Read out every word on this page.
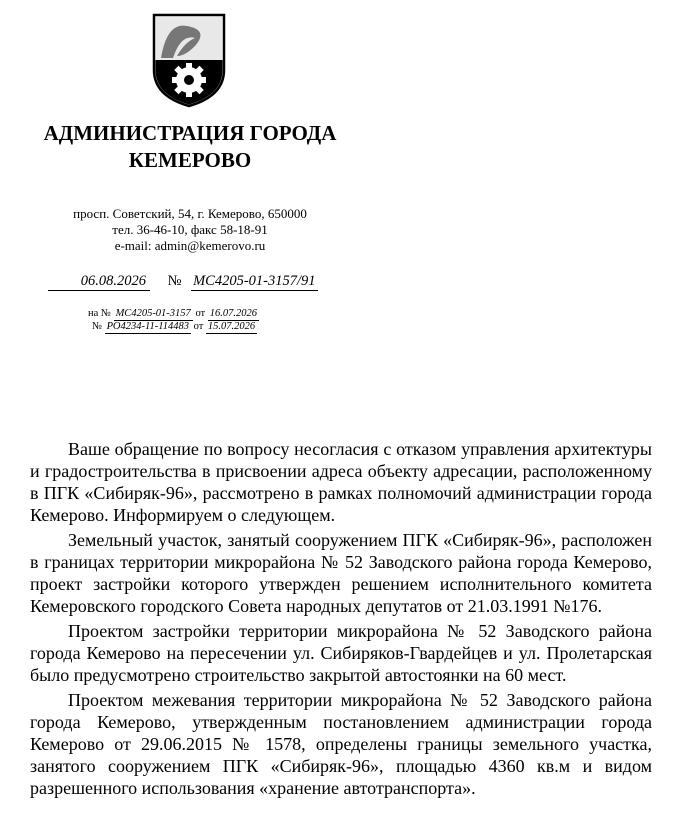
АДМИНИСТРАЦИЯ ГОРОДА
КЕМЕРОВО
просп. Советский, 54, г. Кемерово, 650000
тел. 36-46-10, факс 58-18-91
e-mail: admin@kemerovo.ru
06.08.2026 № МС4205-01-3157/91
на № МС4205-01-3157 от 16.07.2026
№ РО4234-11-114483 от 15.07.2026

Ваше обращение по вопросу несогласия с отказом управления архитектуры и градостроительства в присвоении адреса объекту адресации, расположенному в ПГК «Сибиряк-96», рассмотрено в рамках полномочий администрации города Кемерово. Информируем о следующем.

Земельный участок, занятый сооружением ПГК «Сибиряк-96», расположен в границах территории микрорайона № 52 Заводского района города Кемерово, проект застройки которого утвержден решением исполнительного комитета Кемеровского городского Совета народных депутатов от 21.03.1991 №176.

Проектом застройки территории микрорайона № 52 Заводского района города Кемерово на пересечении ул. Сибиряков-Гвардейцев и ул. Пролетарская было предусмотрено строительство закрытой автостоянки на 60 мест.

Проектом межевания территории микрорайона № 52 Заводского района города Кемерово, утвержденным постановлением администрации города Кемерово от 29.06.2015 № 1578, определены границы земельного участка, занятого сооружением ПГК «Сибиряк-96», площадью 4360 кв.м и видом разрешенного использования «хранение автотранспорта».
